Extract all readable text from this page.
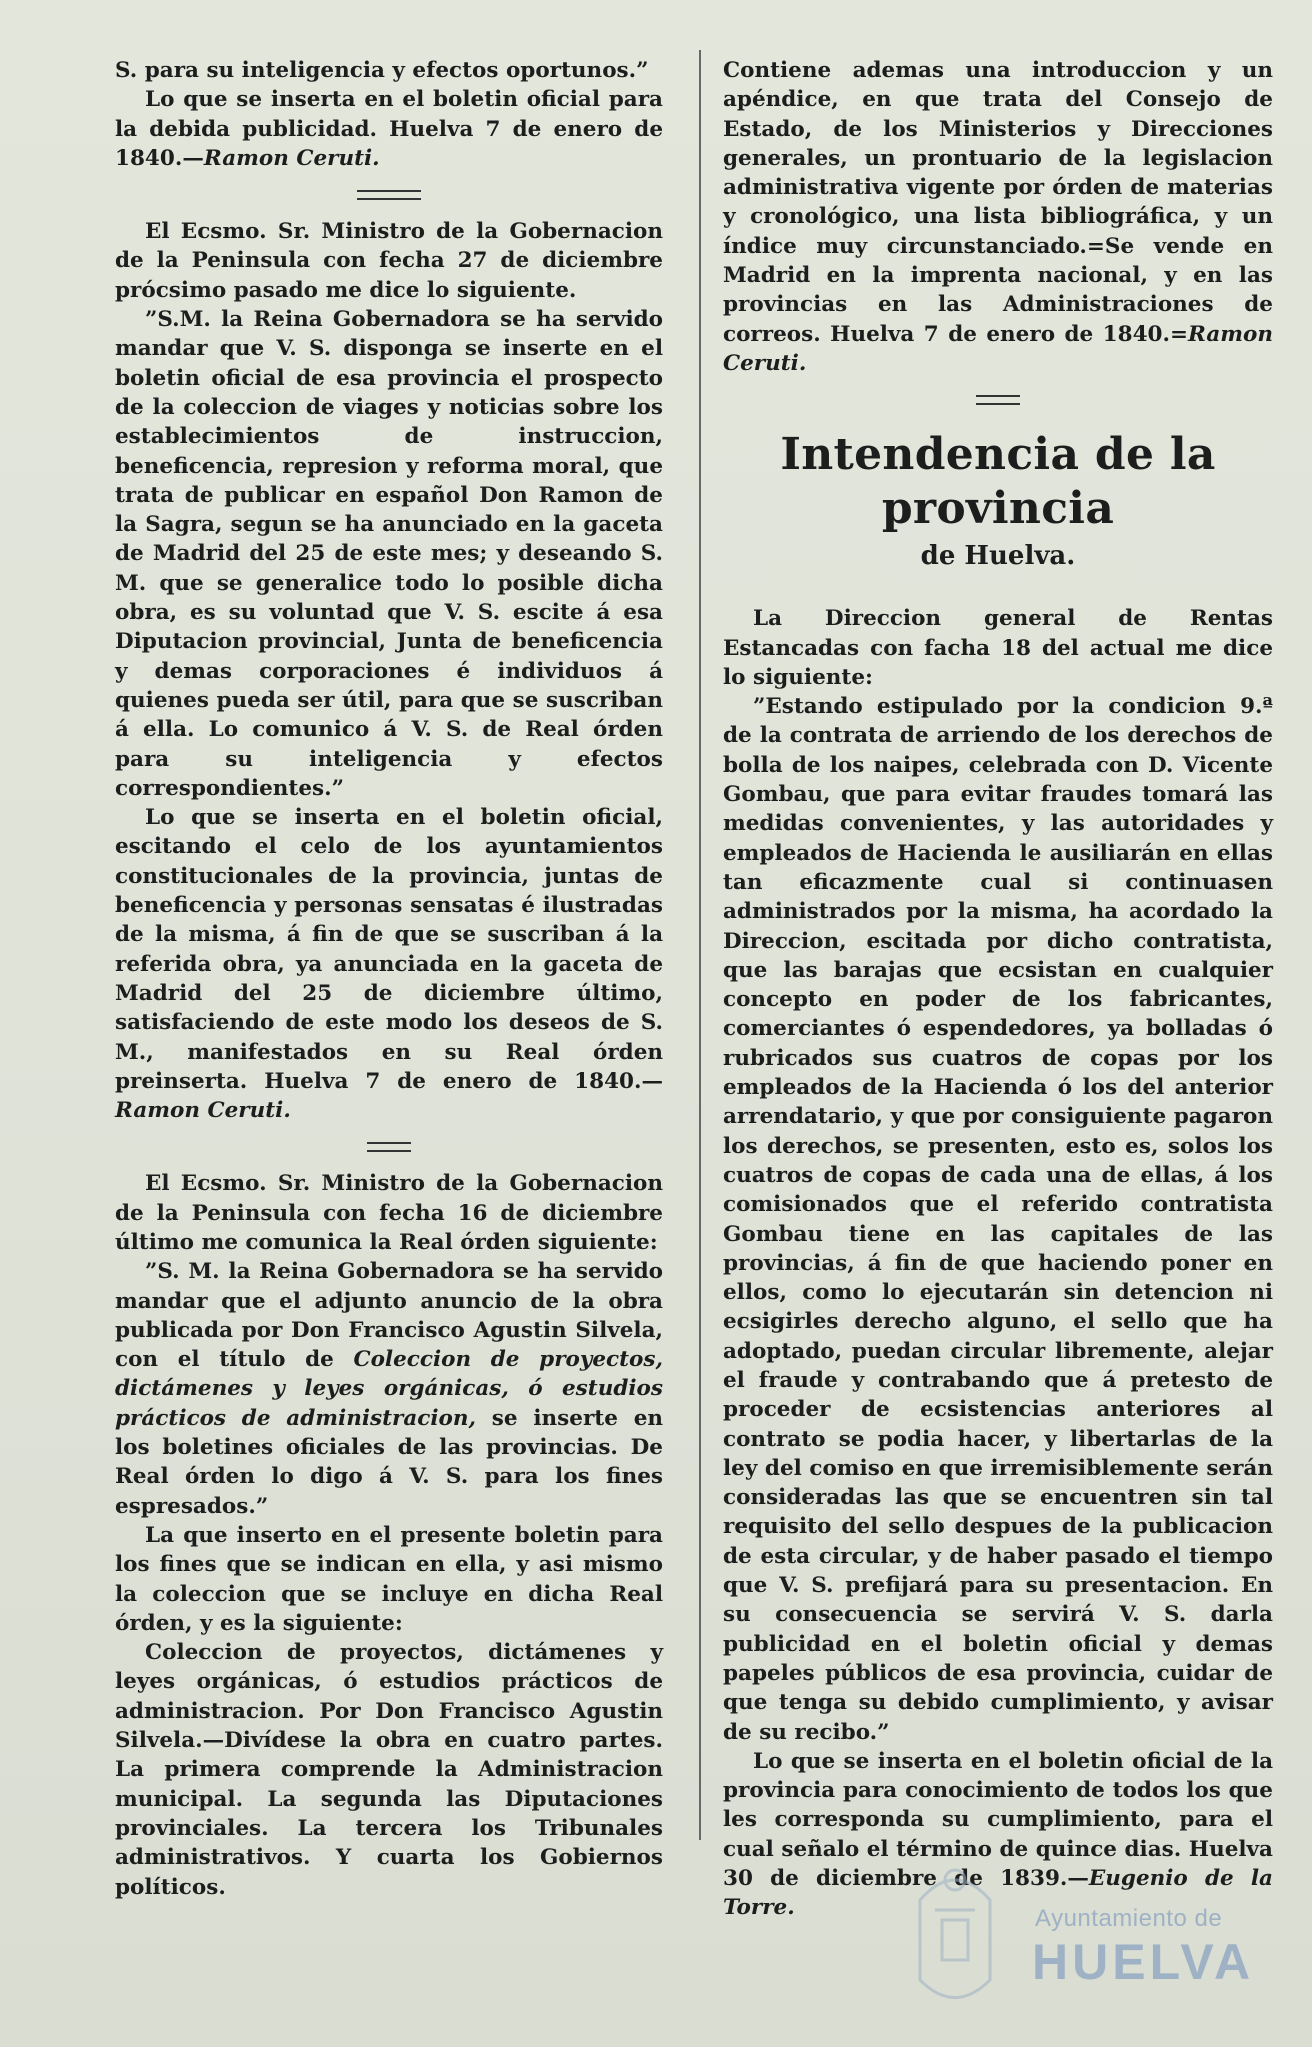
S. para su inteligencia y efectos oportunos.”

Lo que se inserta en el boletin oficial para la debida publicidad. Huelva 7 de enero de 1840.—Ramon Ceruti.

El Ecsmo. Sr. Ministro de la Gobernacion de la Peninsula con fecha 27 de diciembre prócsimo pasado me dice lo siguiente.

”S.M. la Reina Gobernadora se ha servido mandar que V. S. disponga se inserte en el boletin oficial de esa provincia el prospecto de la coleccion de viages y noticias sobre los establecimientos de instruccion, beneficencia, represion y reforma moral, que trata de publicar en español Don Ramon de la Sagra, segun se ha anunciado en la gaceta de Madrid del 25 de este mes; y deseando S. M. que se generalice todo lo posible dicha obra, es su voluntad que V. S. escite á esa Diputacion provincial, Junta de beneficencia y demas corporaciones é individuos á quienes pueda ser útil, para que se suscriban á ella. Lo comunico á V. S. de Real órden para su inteligencia y efectos correspondientes.”

Lo que se inserta en el boletin oficial, escitando el celo de los ayuntamientos constitucionales de la provincia, juntas de beneficencia y personas sensatas é ilustradas de la misma, á fin de que se suscriban á la referida obra, ya anunciada en la gaceta de Madrid del 25 de diciembre último, satisfaciendo de este modo los deseos de S. M., manifestados en su Real órden preinserta. Huelva 7 de enero de 1840.—Ramon Ceruti.

El Ecsmo. Sr. Ministro de la Gobernacion de la Peninsula con fecha 16 de diciembre último me comunica la Real órden siguiente:

”S. M. la Reina Gobernadora se ha servido mandar que el adjunto anuncio de la obra publicada por Don Francisco Agustin Silvela, con el título de Coleccion de proyectos, dictámenes y leyes orgánicas, ó estudios prácticos de administracion, se inserte en los boletines oficiales de las provincias. De Real órden lo digo á V. S. para los fines espresados.”

La que inserto en el presente boletin para los fines que se indican en ella, y asi mismo la coleccion que se incluye en dicha Real órden, y es la siguiente:

Coleccion de proyectos, dictámenes y leyes orgánicas, ó estudios prácticos de administracion. Por Don Francisco Agustin Silvela.—Divídese la obra en cuatro partes. La primera comprende la Administracion municipal. La segunda las Diputaciones provinciales. La tercera los Tribunales administrativos. Y cuarta los Gobiernos políticos.

Contiene ademas una introduccion y un apéndice, en que trata del Consejo de Estado, de los Ministerios y Direcciones generales, un prontuario de la legislacion administrativa vigente por órden de materias y cronológico, una lista bibliográfica, y un índice muy circunstanciado.=Se vende en Madrid en la imprenta nacional, y en las provincias en las Administraciones de correos. Huelva 7 de enero de 1840.=Ramon Ceruti.

Intendencia de la provincia
de Huelva.

La Direccion general de Rentas Estancadas con facha 18 del actual me dice lo siguiente:

”Estando estipulado por la condicion 9.ª de la contrata de arriendo de los derechos de bolla de los naipes, celebrada con D. Vicente Gombau, que para evitar fraudes tomará las medidas convenientes, y las autoridades y empleados de Hacienda le ausiliarán en ellas tan eficazmente cual si continuasen administrados por la misma, ha acordado la Direccion, escitada por dicho contratista, que las barajas que ecsistan en cualquier concepto en poder de los fabricantes, comerciantes ó espendedores, ya bolladas ó rubricados sus cuatros de copas por los empleados de la Hacienda ó los del anterior arrendatario, y que por consiguiente pagaron los derechos, se presenten, esto es, solos los cuatros de copas de cada una de ellas, á los comisionados que el referido contratista Gombau tiene en las capitales de las provincias, á fin de que haciendo poner en ellos, como lo ejecutarán sin detencion ni ecsigirles derecho alguno, el sello que ha adoptado, puedan circular libremente, alejar el fraude y contrabando que á pretesto de proceder de ecsistencias anteriores al contrato se podia hacer, y libertarlas de la ley del comiso en que irremisiblemente serán consideradas las que se encuentren sin tal requisito del sello despues de la publicacion de esta circular, y de haber pasado el tiempo que V. S. prefijará para su presentacion. En su consecuencia se servirá V. S. darla publicidad en el boletin oficial y demas papeles públicos de esa provincia, cuidar de que tenga su debido cumplimiento, y avisar de su recibo.”

Lo que se inserta en el boletin oficial de la provincia para conocimiento de todos los que les corresponda su cumplimiento, para el cual señalo el término de quince dias. Huelva 30 de diciembre de 1839.—Eugenio de la Torre.	Ayuntamiento de
HUELVA
